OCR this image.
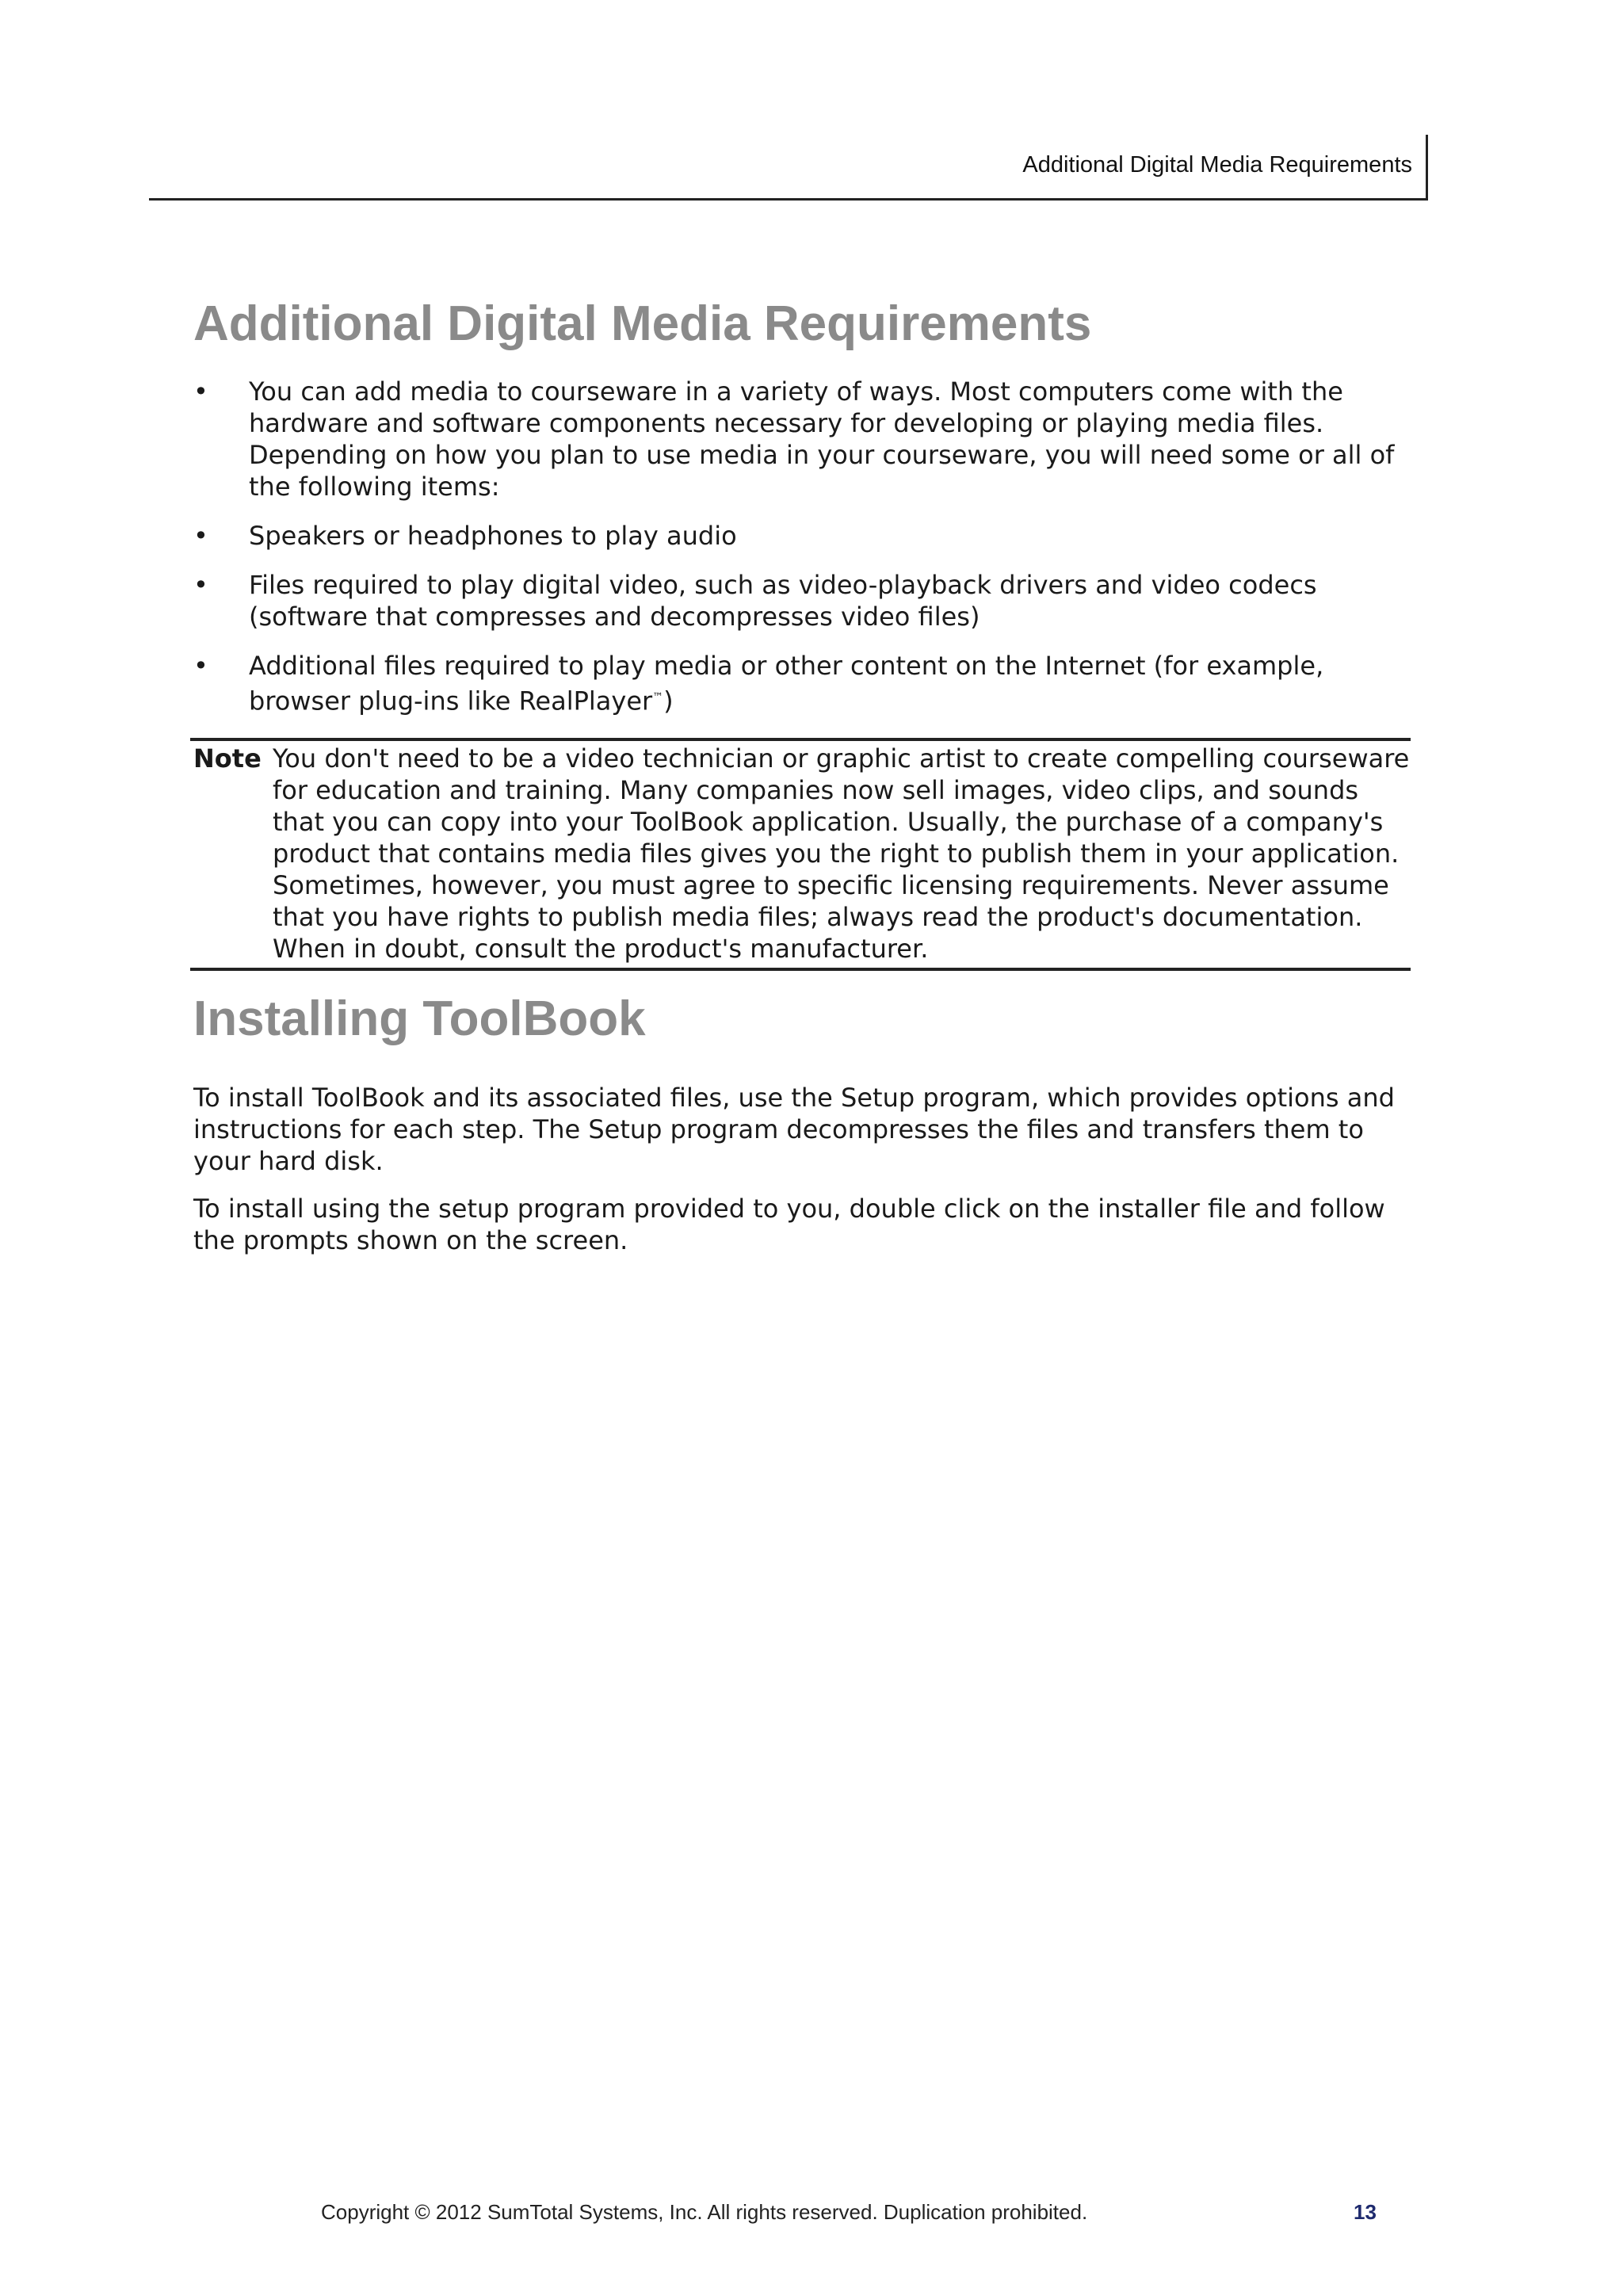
Additional Digital Media Requirements
Additional Digital Media Requirements
• You can add media to courseware in a variety of ways. Most computers come with the hardware and software components necessary for developing or playing media files. Depending on how you plan to use media in your courseware, you will need some or all of the following items:
• Speakers or headphones to play audio
• Files required to play digital video, such as video-playback drivers and video codecs (software that compresses and decompresses video files)
• Additional files required to play media or other content on the Internet (for example, browser plug-ins like RealPlayer™)
Note You don't need to be a video technician or graphic artist to create compelling courseware for education and training. Many companies now sell images, video clips, and sounds that you can copy into your ToolBook application. Usually, the purchase of a company's product that contains media files gives you the right to publish them in your application. Sometimes, however, you must agree to specific licensing requirements. Never assume that you have rights to publish media files; always read the product's documentation. When in doubt, consult the product's manufacturer.
Installing ToolBook

To install ToolBook and its associated files, use the Setup program, which provides options and instructions for each step. The Setup program decompresses the files and transfers them to your hard disk.

To install using the setup program provided to you, double click on the installer file and follow the prompts shown on the screen.

Copyright © 2012 SumTotal Systems, Inc. All rights reserved. Duplication prohibited.	13
